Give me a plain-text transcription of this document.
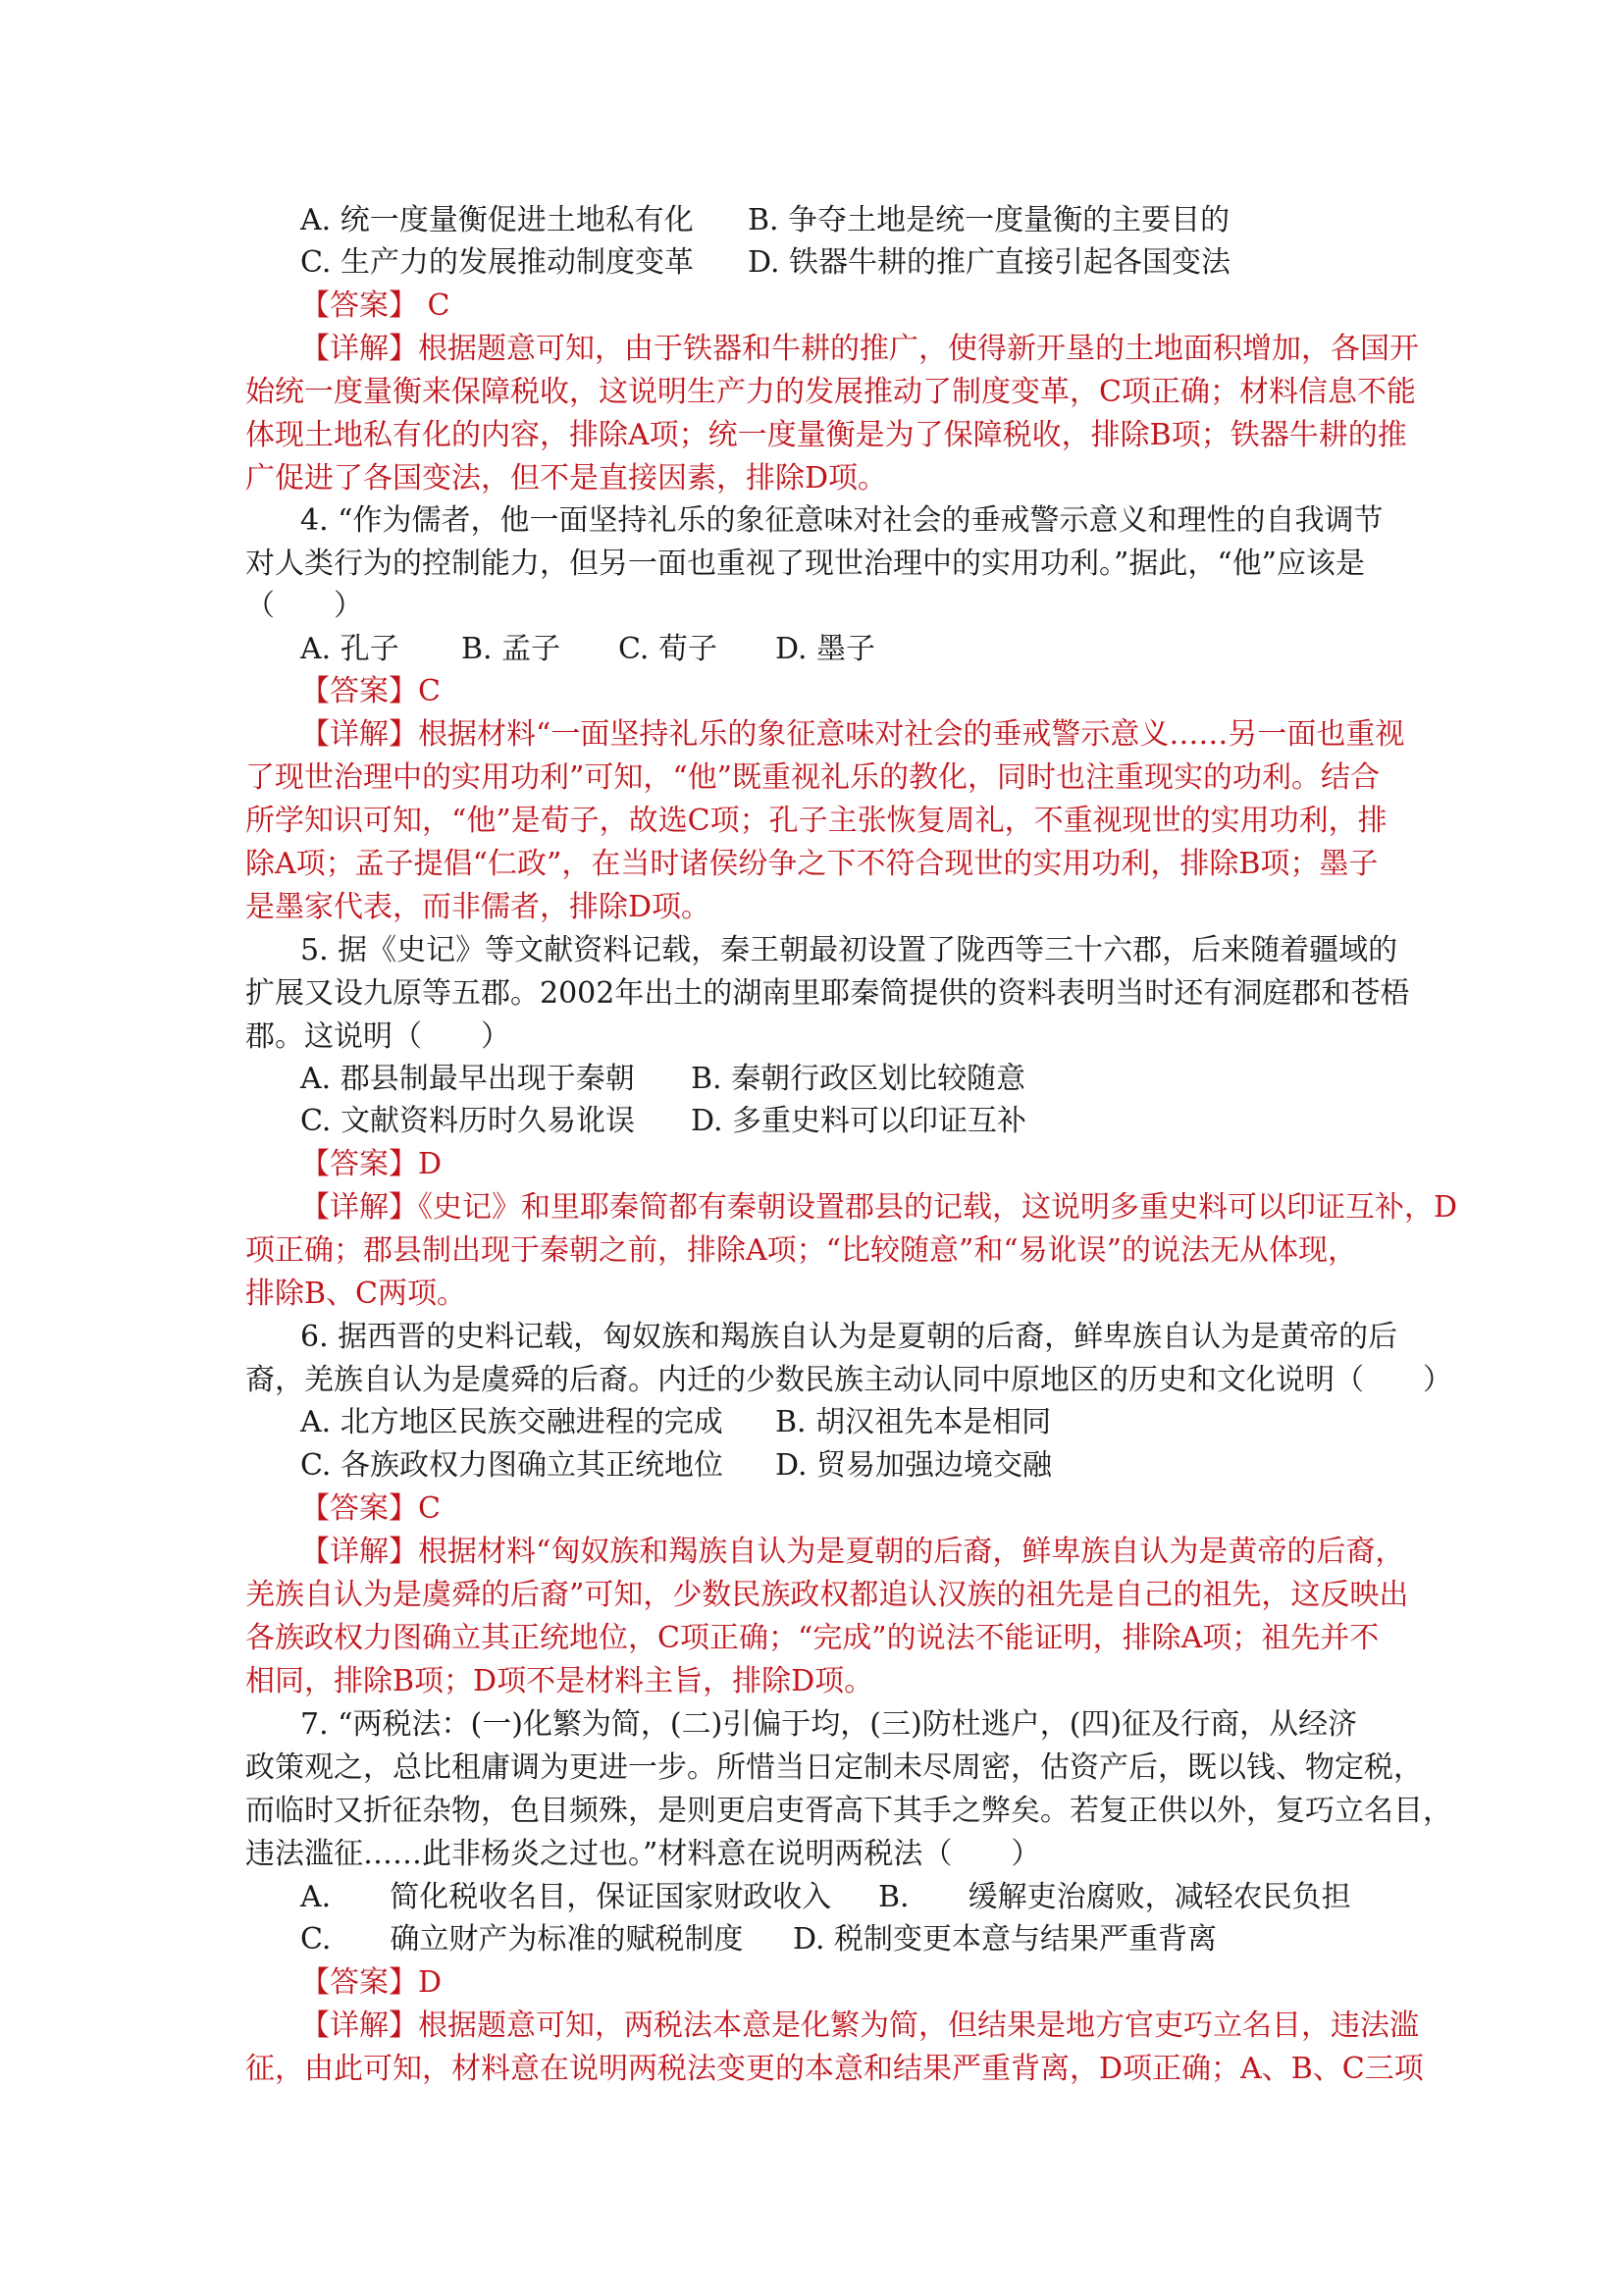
A. 统一度量衡促进土地私有化 B. 争夺土地是统一度量衡的主要目的
C. 生产力的发展推动制度变革 D. 铁器牛耕的推广直接引起各国变法
【答案】 C
【详解】根据题意可知，由于铁器和牛耕的推广，使得新开垦的土地面积增加，各国开
始统一度量衡来保障税收，这说明生产力的发展推动了制度变革，C项正确；材料信息不能
体现土地私有化的内容，排除A项；统一度量衡是为了保障税收，排除B项；铁器牛耕的推
广促进了各国变法，但不是直接因素，排除D项。
4. “作为儒者，他一面坚持礼乐的象征意味对社会的垂戒警示意义和理性的自我调节
对人类行为的控制能力，但另一面也重视了现世治理中的实用功利。”据此，“他”应该是
（　　）
A. 孔子 B. 孟子 C. 荀子 D. 墨子
【答案】C
【详解】根据材料“一面坚持礼乐的象征意味对社会的垂戒警示意义……另一面也重视
了现世治理中的实用功利”可知，“他”既重视礼乐的教化，同时也注重现实的功利。结合
所学知识可知，“他”是荀子，故选C项；孔子主张恢复周礼，不重视现世的实用功利，排
除A项；孟子提倡“仁政”，在当时诸侯纷争之下不符合现世的实用功利，排除B项；墨子
是墨家代表，而非儒者，排除D项。
5. 据《史记》等文献资料记载，秦王朝最初设置了陇西等三十六郡，后来随着疆域的
扩展又设九原等五郡。2002年出土的湖南里耶秦简提供的资料表明当时还有洞庭郡和苍梧
郡。这说明（　　）
A. 郡县制最早出现于秦朝 B. 秦朝行政区划比较随意
C. 文献资料历时久易讹误 D. 多重史料可以印证互补
【答案】D
【详解】《史记》和里耶秦简都有秦朝设置郡县的记载，这说明多重史料可以印证互补，D
项正确；郡县制出现于秦朝之前，排除A项；“比较随意”和“易讹误”的说法无从体现，
排除B、C两项。
6. 据西晋的史料记载，匈奴族和羯族自认为是夏朝的后裔，鲜卑族自认为是黄帝的后
裔，羌族自认为是虞舜的后裔。内迁的少数民族主动认同中原地区的历史和文化说明（　　）
A. 北方地区民族交融进程的完成 B. 胡汉祖先本是相同
C. 各族政权力图确立其正统地位 D. 贸易加强边境交融
【答案】C
【详解】根据材料“匈奴族和羯族自认为是夏朝的后裔，鲜卑族自认为是黄帝的后裔，
羌族自认为是虞舜的后裔”可知，少数民族政权都追认汉族的祖先是自己的祖先，这反映出
各族政权力图确立其正统地位，C项正确；“完成”的说法不能证明，排除A项；祖先并不
相同，排除B项；D项不是材料主旨，排除D项。
7. “两税法：(一)化繁为简，(二)引偏于均，(三)防杜逃户，(四)征及行商，从经济
政策观之，总比租庸调为更进一步。所惜当日定制未尽周密，估资产后，既以钱、物定税，
而临时又折征杂物，色目频殊，是则更启吏胥高下其手之弊矣。若复正供以外，复巧立名目，
违法滥征……此非杨炎之过也。”材料意在说明两税法（　　）
A.　　简化税收名目，保证国家财政收入 B.　　缓解吏治腐败，减轻农民负担
C.　　确立财产为标准的赋税制度 D. 税制变更本意与结果严重背离
【答案】D
【详解】根据题意可知，两税法本意是化繁为简，但结果是地方官吏巧立名目，违法滥
征，由此可知，材料意在说明两税法变更的本意和结果严重背离，D项正确；A、B、C三项
